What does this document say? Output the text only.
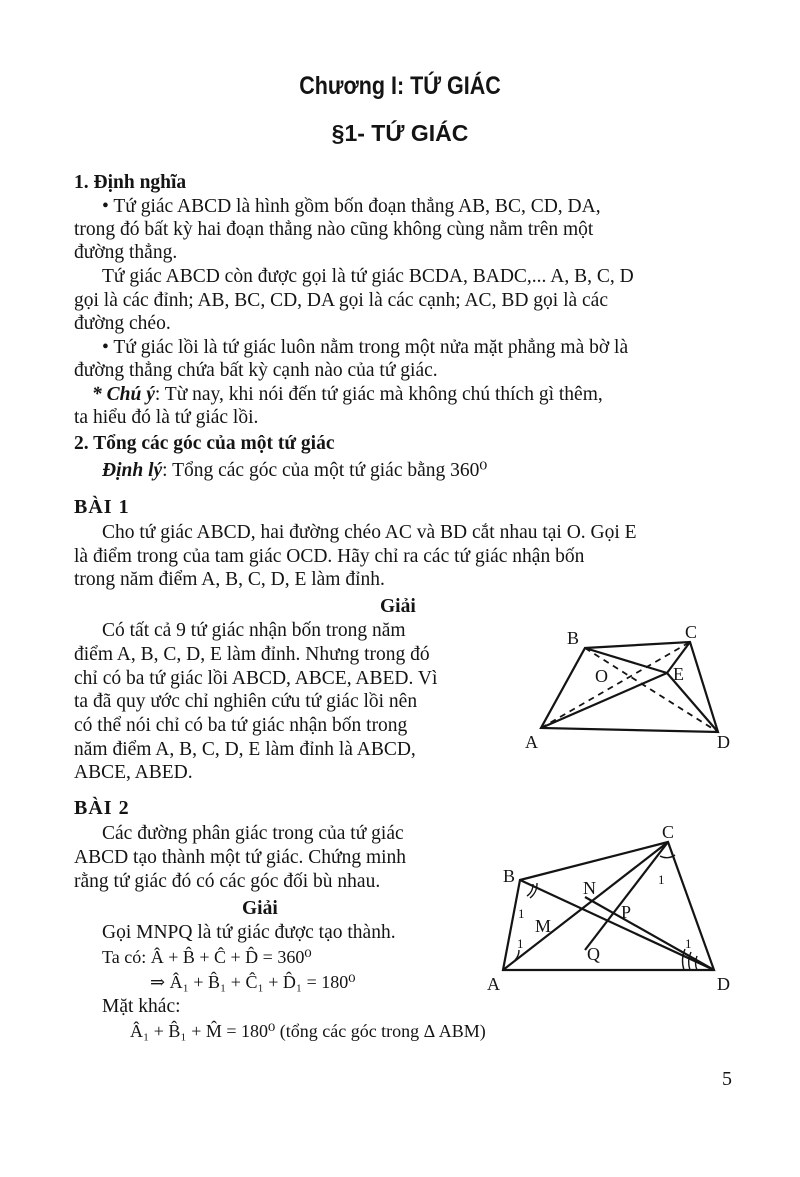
Chương I: TỨ GIÁC
§1- TỨ GIÁC
1. Định nghĩa
• Tứ giác ABCD là hình gồm bốn đoạn thẳng AB, BC, CD, DA,
trong đó bất kỳ hai đoạn thẳng nào cũng không cùng nằm trên một
đường thẳng.
Tứ giác ABCD còn được gọi là tứ giác BCDA, BADC,... A, B, C, D
gọi là các đỉnh; AB, BC, CD, DA gọi là các cạnh; AC, BD gọi là các
đường chéo.
• Tứ giác lồi là tứ giác luôn nằm trong một nửa mặt phẳng mà bờ là
đường thẳng chứa bất kỳ cạnh nào của tứ giác.
* Chú ý: Từ nay, khi nói đến tứ giác mà không chú thích gì thêm,
ta hiểu đó là tứ giác lồi.
2. Tổng các góc của một tứ giác
Định lý: Tổng các góc của một tứ giác bằng 360⁰
BÀI 1
Cho tứ giác ABCD, hai đường chéo AC và BD cắt nhau tại O. Gọi E
là điểm trong của tam giác OCD. Hãy chỉ ra các tứ giác nhận bốn
trong năm điểm A, B, C, D, E làm đỉnh.
Giải
Có tất cả 9 tứ giác nhận bốn trong năm
điểm A, B, C, D, E làm đỉnh. Nhưng trong đó
chỉ có ba tứ giác lồi ABCD, ABCE, ABED. Vì
ta đã quy ước chỉ nghiên cứu tứ giác lồi nên
có thể nói chỉ có ba tứ giác nhận bốn trong
năm điểm A, B, C, D, E làm đỉnh là ABCD,
ABCE, ABED.
B	C
O	E
A	D
BÀI 2
Các đường phân giác trong của tứ giác
ABCD tạo thành một tứ giác. Chứng minh
rằng tứ giác đó có các góc đối bù nhau.
Giải
Gọi MNPQ là tứ giác được tạo thành.
Ta có: Â + B̂ + Ĉ + D̂ = 360⁰
⇒ Â₁ + B̂₁ + Ĉ₁ + D̂₁ = 180⁰
Mặt khác:
Â₁ + B̂₁ + M̂ = 180⁰ (tổng các góc trong Δ ABM)
B
C
N
P
M
Q
A	D
1
1
1
1
5
